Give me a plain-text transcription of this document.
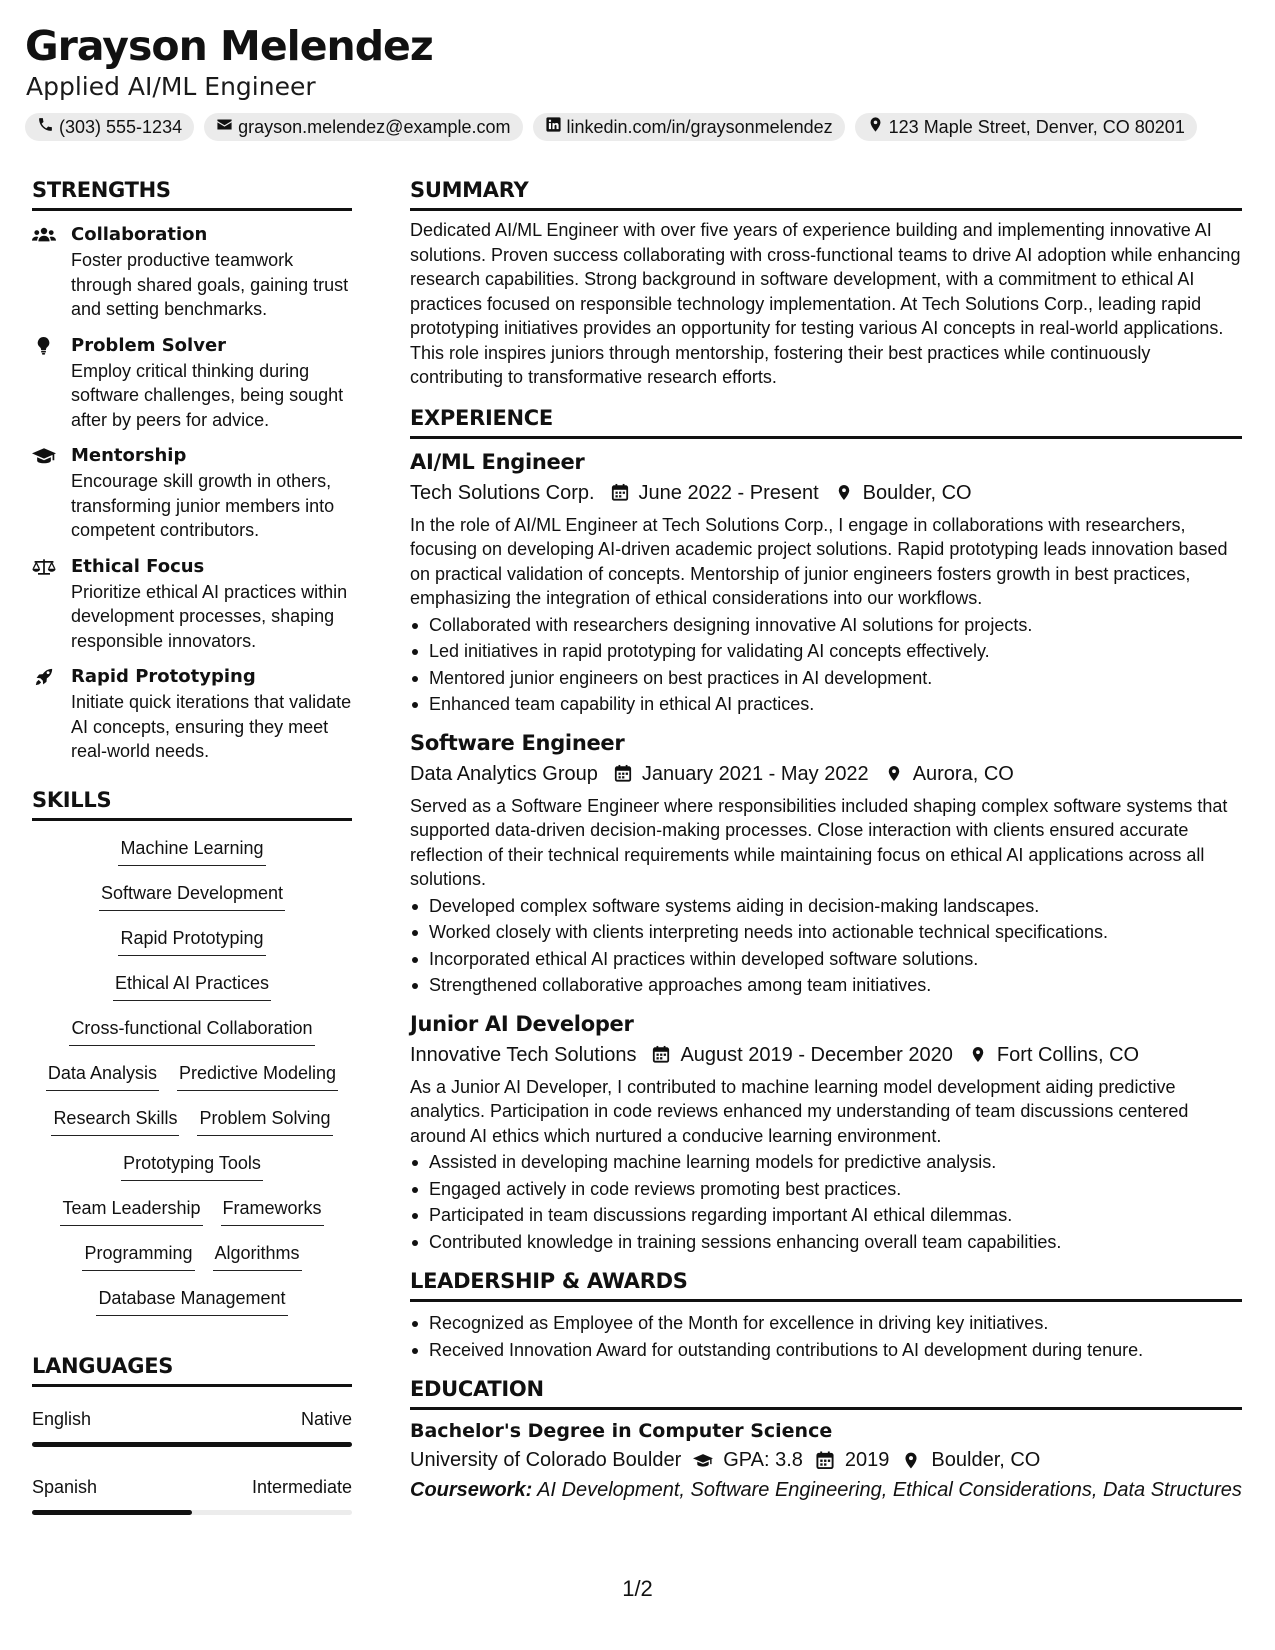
Grayson Melendez
Applied AI/ML Engineer
(303) 555-1234	grayson.melendez@example.com	linkedin.com/in/graysonmelendez	123 Maple Street, Denver, CO 80201
STRENGTHS
Collaboration
Foster productive teamwork through shared goals, gaining trust and setting benchmarks.
Problem Solver
Employ critical thinking during software challenges, being sought after by peers for advice.
Mentorship
Encourage skill growth in others, transforming junior members into competent contributors.
Ethical Focus
Prioritize ethical AI practices within development processes, shaping responsible innovators.
Rapid Prototyping
Initiate quick iterations that validate AI concepts, ensuring they meet real-world needs.
SKILLS
Machine Learning
Software Development
Rapid Prototyping
Ethical AI Practices
Cross-functional Collaboration
Data Analysis Predictive Modeling
Research Skills Problem Solving
Prototyping Tools
Team Leadership Frameworks
Programming Algorithms
Database Management
LANGUAGES
English	Native
Spanish	Intermediate
SUMMARY
Dedicated AI/ML Engineer with over five years of experience building and implementing innovative AI solutions. Proven success collaborating with cross-functional teams to drive AI adoption while enhancing research capabilities. Strong background in software development, with a commitment to ethical AI practices focused on responsible technology implementation. At Tech Solutions Corp., leading rapid prototyping initiatives provides an opportunity for testing various AI concepts in real-world applications. This role inspires juniors through mentorship, fostering their best practices while continuously contributing to transformative research efforts.
EXPERIENCE
AI/ML Engineer
Tech Solutions Corp. June 2022 - Present Boulder, CO
In the role of AI/ML Engineer at Tech Solutions Corp., I engage in collaborations with researchers, focusing on developing AI-driven academic project solutions. Rapid prototyping leads innovation based on practical validation of concepts. Mentorship of junior engineers fosters growth in best practices, emphasizing the integration of ethical considerations into our workflows.
Collaborated with researchers designing innovative AI solutions for projects.
Led initiatives in rapid prototyping for validating AI concepts effectively.
Mentored junior engineers on best practices in AI development.
Enhanced team capability in ethical AI practices.
Software Engineer
Data Analytics Group January 2021 - May 2022 Aurora, CO
Served as a Software Engineer where responsibilities included shaping complex software systems that supported data-driven decision-making processes. Close interaction with clients ensured accurate reflection of their technical requirements while maintaining focus on ethical AI applications across all solutions.
Developed complex software systems aiding in decision-making landscapes.
Worked closely with clients interpreting needs into actionable technical specifications.
Incorporated ethical AI practices within developed software solutions.
Strengthened collaborative approaches among team initiatives.
Junior AI Developer
Innovative Tech Solutions August 2019 - December 2020 Fort Collins, CO
As a Junior AI Developer, I contributed to machine learning model development aiding predictive analytics. Participation in code reviews enhanced my understanding of team discussions centered around AI ethics which nurtured a conducive learning environment.
Assisted in developing machine learning models for predictive analysis.
Engaged actively in code reviews promoting best practices.
Participated in team discussions regarding important AI ethical dilemmas.
Contributed knowledge in training sessions enhancing overall team capabilities.
LEADERSHIP & AWARDS
Recognized as Employee of the Month for excellence in driving key initiatives.
Received Innovation Award for outstanding contributions to AI development during tenure.
EDUCATION
Bachelor's Degree in Computer Science
University of Colorado Boulder GPA: 3.8 2019 Boulder, CO
Coursework: AI Development, Software Engineering, Ethical Considerations, Data Structures
1/2
